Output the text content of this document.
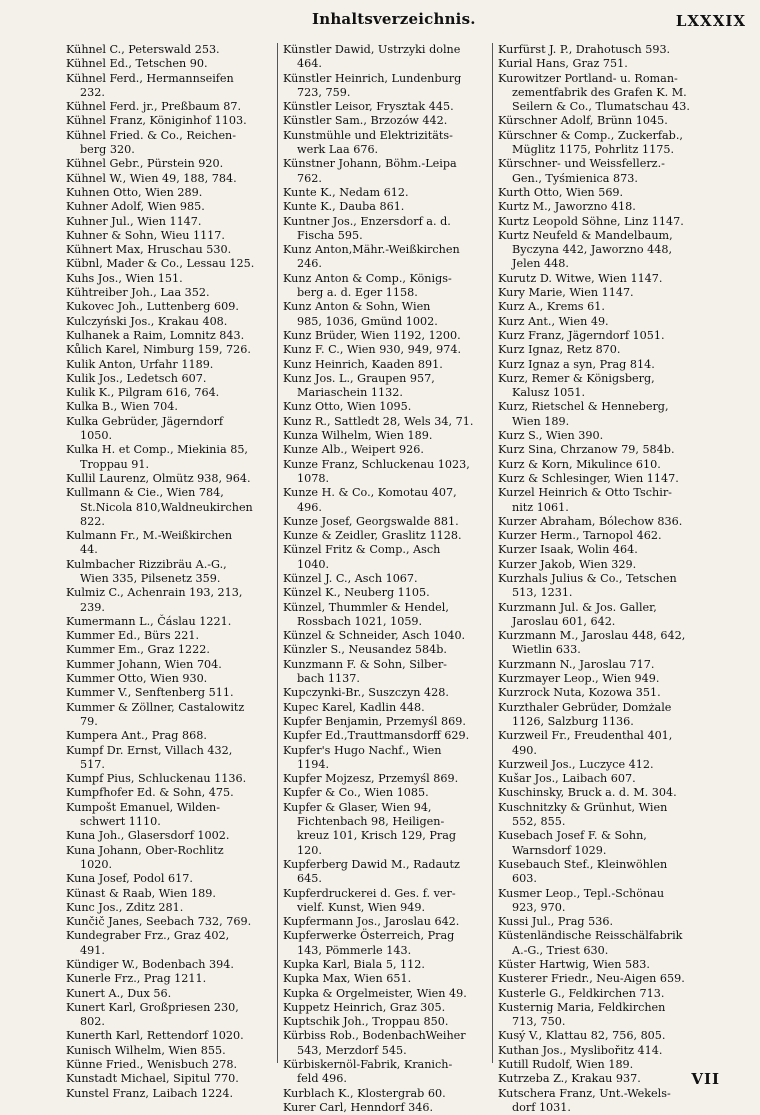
Inhaltsverzeichnis.	LXXXIX
Kühnel C., Peterswald 253.
Kühnel Ed., Tetschen 90.
Kühnel Ferd., Hermannseifen
232.
Kühnel Ferd. jr., Preßbaum 87.
Kühnel Franz, Königinhof 1103.
Kühnel Fried. & Co., Reichen-
berg 320.
Kühnel Gebr., Pürstein 920.
Kühnel W., Wien 49, 188, 784.
Kuhnen Otto, Wien 289.
Kuhner Adolf, Wien 985.
Kuhner Jul., Wien 1147.
Kuhner & Sohn, Wieu 1117.
Kühnert Max, Hruschau 530.
Kübnl, Mader & Co., Lessau 125.
Kuhs Jos., Wien 151.
Kühtreiber Joh., Laa 352.
Kukovec Joh., Luttenberg 609.
Kulczyński Jos., Krakau 408.
Kulhanek a Raim, Lomnitz 843.
Kůlich Karel, Nimburg 159, 726.
Kulik Anton, Urfahr 1189.
Kulik Jos., Ledetsch 607.
Kulik K., Pilgram 616, 764.
Kulka B., Wien 704.
Kulka Gebrüder, Jägerndorf
1050.
Kulka H. et Comp., Miekinia 85,
Troppau 91.
Kullil Laurenz, Olmütz 938, 964.
Kullmann & Cie., Wien 784,
St.Nicola 810,Waldneukirchen
822.
Kulmann Fr., M.-Weißkirchen
44.
Kulmbacher Rizzibräu A.-G.,
Wien 335, Pilsenetz 359.
Kulmiz C., Achenrain 193, 213,
239.
Kumermann L., Čáslau 1221.
Kummer Ed., Bürs 221.
Kummer Em., Graz 1222.
Kummer Johann, Wien 704.
Kummer Otto, Wien 930.
Kummer V., Senftenberg 511.
Kummer & Zöllner, Castalowitz
79.
Kumpera Ant., Prag 868.
Kumpf Dr. Ernst, Villach 432,
517.
Kumpf Pius, Schluckenau 1136.
Kumpfhofer Ed. & Sohn, 475.
Kumpošt Emanuel, Wilden-
schwert 1110.
Kuna Joh., Glasersdorf 1002.
Kuna Johann, Ober-Rochlitz
1020.
Kuna Josef, Podol 617.
Künast & Raab, Wien 189.
Kunc Jos., Zditz 281.
Kunčič Janes, Seebach 732, 769.
Kundegraber Frz., Graz 402,
491.
Kündiger W., Bodenbach 394.
Kunerle Frz., Prag 1211.
Kunert A., Dux 56.
Kunert Karl, Großpriesen 230,
802.
Kunerth Karl, Rettendorf 1020.
Kunisch Wilhelm, Wien 855.
Künne Fried., Wenisbuch 278.
Kunstadt Michael, Sipitul 770.
Kunstel Franz, Laibach 1224.
Künstler Dawid, Ustrzyki dolne
464.
Künstler Heinrich, Lundenburg
723, 759.
Künstler Leisor, Frysztak 445.
Künstler Sam., Brzozów 442.
Kunstmühle und Elektrizitäts-
werk Laa 676.
Künstner Johann, Böhm.-Leipa
762.
Kunte K., Nedam 612.
Kunte K., Dauba 861.
Kuntner Jos., Enzersdorf a. d.
Fischa 595.
Kunz Anton,Mähr.-Weißkirchen
246.
Kunz Anton & Comp., Königs-
berg a. d. Eger 1158.
Kunz Anton & Sohn, Wien
985, 1036, Gmünd 1002.
Kunz Brüder, Wien 1192, 1200.
Kunz F. C., Wien 930, 949, 974.
Kunz Heinrich, Kaaden 891.
Kunz Jos. L., Graupen 957,
Mariaschein 1132.
Kunz Otto, Wien 1095.
Kunz R., Sattledt 28, Wels 34, 71.
Kunza Wilhelm, Wien 189.
Kunze Alb., Weipert 926.
Kunze Franz, Schluckenau 1023,
1078.
Kunze H. & Co., Komotau 407,
496.
Kunze Josef, Georgswalde 881.
Kunze & Zeidler, Graslitz 1128.
Künzel Fritz & Comp., Asch
1040.
Künzel J. C., Asch 1067.
Künzel K., Neuberg 1105.
Künzel, Thummler & Hendel,
Rossbach 1021, 1059.
Künzel & Schneider, Asch 1040.
Künzler S., Neusandez 584b.
Kunzmann F. & Sohn, Silber-
bach 1137.
Kupczynki-Br., Suszczyn 428.
Kupec Karel, Kadlin 448.
Kupfer Benjamin, Przemyśl 869.
Kupfer Ed.,Trauttmansdorff 629.
Kupfer's Hugo Nachf., Wien
1194.
Kupfer Mojzesz, Przemyśl 869.
Kupfer & Co., Wien 1085.
Kupfer & Glaser, Wien 94,
Fichtenbach 98, Heiligen-
kreuz 101, Krisch 129, Prag
120.
Kupferberg Dawid M., Radautz
645.
Kupferdruckerei d. Ges. f. ver-
vielf. Kunst, Wien 949.
Kupfermann Jos., Jaroslau 642.
Kupferwerke Österreich, Prag
143, Pömmerle 143.
Kupka Karl, Biala 5, 112.
Kupka Max, Wien 651.
Kupka & Orgelmeister, Wien 49.
Kuppetz Heinrich, Graz 305.
Kuptschik Joh., Troppau 850.
Kürbiss Rob., BodenbachWeiher
543, Merzdorf 545.
Kürbiskernöl-Fabrik, Kranich-
feld 496.
Kurblach K., Klostergrab 60.
Kurer Carl, Henndorf 346.
Kurfürst J. P., Drahotusch 593.
Kurial Hans, Graz 751.
Kurowitzer Portland- u. Roman-
zementfabrik des Grafen K. M.
Seilern & Co., Tlumatschau 43.
Kürschner Adolf, Brünn 1045.
Kürschner & Comp., Zuckerfab.,
Müglitz 1175, Pohrlitz 1175.
Kürschner- und Weissfellerz.-
Gen., Tyśmienica 873.
Kurth Otto, Wien 569.
Kurtz M., Jaworzno 418.
Kurtz Leopold Söhne, Linz 1147.
Kurtz Neufeld & Mandelbaum,
Byczyna 442, Jaworzno 448,
Jelen 448.
Kurutz D. Witwe, Wien 1147.
Kury Marie, Wien 1147.
Kurz A., Krems 61.
Kurz Ant., Wien 49.
Kurz Franz, Jägerndorf 1051.
Kurz Ignaz, Retz 870.
Kurz Ignaz a syn, Prag 814.
Kurz, Remer & Königsberg,
Kalusz 1051.
Kurz, Rietschel & Henneberg,
Wien 189.
Kurz S., Wien 390.
Kurz Sina, Chrzanow 79, 584b.
Kurz & Korn, Mikulince 610.
Kurz & Schlesinger, Wien 1147.
Kurzel Heinrich & Otto Tschir-
nitz 1061.
Kurzer Abraham, Bólechow 836.
Kurzer Herm., Tarnopol 462.
Kurzer Isaak, Wolin 464.
Kurzer Jakob, Wien 329.
Kurzhals Julius & Co., Tetschen
513, 1231.
Kurzmann Jul. & Jos. Galler,
Jaroslau 601, 642.
Kurzmann M., Jaroslau 448, 642,
Wietlin 633.
Kurzmann N., Jaroslau 717.
Kurzmayer Leop., Wien 949.
Kurzrock Nuta, Kozowa 351.
Kurzthaler Gebrüder, Domżale
1126, Salzburg 1136.
Kurzweil Fr., Freudenthal 401,
490.
Kurzweil Jos., Luczyce 412.
Kušar Jos., Laibach 607.
Kuschinsky, Bruck a. d. M. 304.
Kuschnitzky & Grünhut, Wien
552, 855.
Kusebach Josef F. & Sohn,
Warnsdorf 1029.
Kusebauch Stef., Kleinwöhlen
603.
Kusmer Leop., Tepl.-Schönau
923, 970.
Kussi Jul., Prag 536.
Küstenländische Reisschälfabrik
A.-G., Triest 630.
Küster Hartwig, Wien 583.
Kusterer Friedr., Neu-Aigen 659.
Kusterle G., Feldkirchen 713.
Kusternig Maria, Feldkirchen
713, 750.
Kusý V., Klattau 82, 756, 805.
Kuthan Jos., Myslibořitz 414.
Kutill Rudolf, Wien 189.
Kutrzeba Z., Krakau 937.
Kutschera Franz, Unt.-Wekels-
dorf 1031.
VII
